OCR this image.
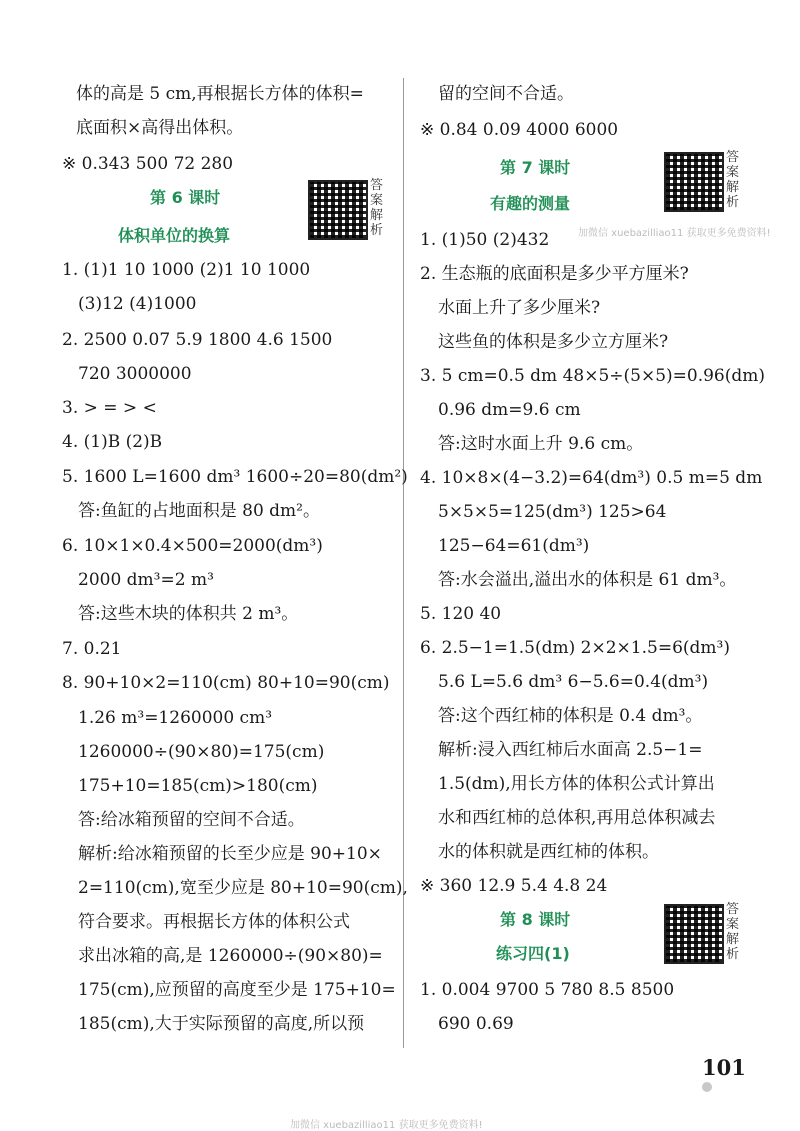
体的高是 5 cm,再根据长方体的体积=
底面积×高得出体积。
※ 0.343 500 72 280
第 6 课时
体积单位的换算
1. (1)1 10 1000 (2)1 10 1000
(3)12 (4)1000
2. 2500 0.07 5.9 1800 4.6 1500
720 3000000
3. > = > <
4. (1)B (2)B
5. 1600 L=1600 dm³ 1600÷20=80(dm²)
答:鱼缸的占地面积是 80 dm²。
6. 10×1×0.4×500=2000(dm³)
2000 dm³=2 m³
答:这些木块的体积共 2 m³。
7. 0.21
8. 90+10×2=110(cm) 80+10=90(cm)
1.26 m³=1260000 cm³
1260000÷(90×80)=175(cm)
175+10=185(cm)>180(cm)
答:给冰箱预留的空间不合适。
解析:给冰箱预留的长至少应是 90+10×
2=110(cm),宽至少应是 80+10=90(cm),
符合要求。再根据长方体的体积公式
求出冰箱的高,是 1260000÷(90×80)=
175(cm),应预留的高度至少是 175+10=
185(cm),大于实际预留的高度,所以预
留的空间不合适。
※ 0.84 0.09 4000 6000
第 7 课时
有趣的测量
1. (1)50 (2)432
2. 生态瓶的底面积是多少平方厘米?
水面上升了多少厘米?
这些鱼的体积是多少立方厘米?
3. 5 cm=0.5 dm 48×5÷(5×5)=0.96(dm)
0.96 dm=9.6 cm
答:这时水面上升 9.6 cm。
4. 10×8×(4−3.2)=64(dm³) 0.5 m=5 dm
5×5×5=125(dm³) 125>64
125−64=61(dm³)
答:水会溢出,溢出水的体积是 61 dm³。
5. 120 40
6. 2.5−1=1.5(dm) 2×2×1.5=6(dm³)
5.6 L=5.6 dm³ 6−5.6=0.4(dm³)
答:这个西红柿的体积是 0.4 dm³。
解析:浸入西红柿后水面高 2.5−1=
1.5(dm),用长方体的体积公式计算出
水和西红柿的总体积,再用总体积减去
水的体积就是西红柿的体积。
※ 360 12.9 5.4 4.8 24
第 8 课时
练习四(1)
1. 0.004 9700 5 780 8.5 8500
690 0.69
答案解析
答案解析
答案解析
加微信 xuebazilliao11 获取更多免费资料!
加微信 xuebazilliao11 获取更多免费资料!
101
